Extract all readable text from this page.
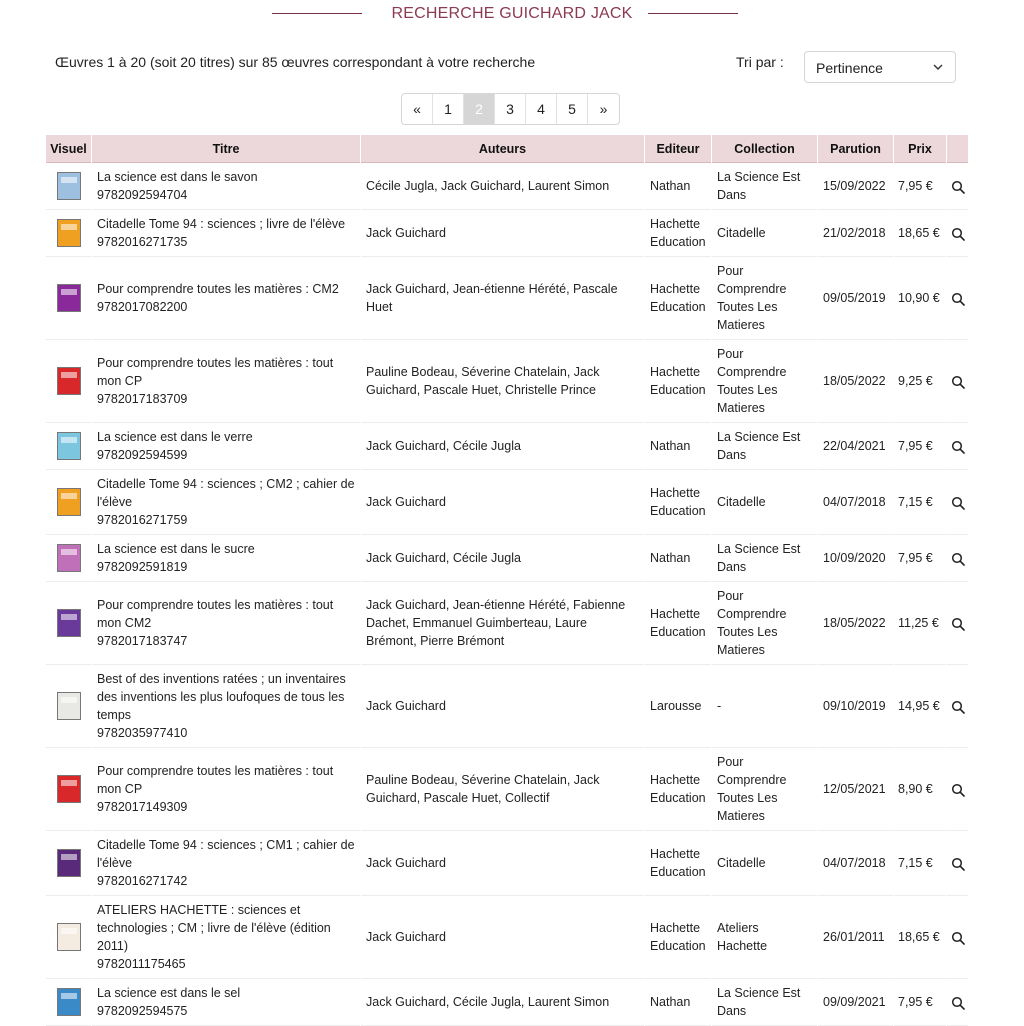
RECHERCHE GUICHARD JACK
Œuvres 1 à 20 (soit 20 titres) sur 85 œuvres correspondant à votre recherche	Tri par : Pertinence
«	1	2	3	4	5	»
Visuel	Titre	Auteurs	Editeur	Collection	Parution	Prix	
	La science est dans le savon
9782092594704	Cécile Jugla, Jack Guichard, Laurent Simon	Nathan	La Science Est Dans	15/09/2022	7,95 €	
	Citadelle Tome 94 : sciences ; livre de l'élève
9782016271735	Jack Guichard	Hachette Education	Citadelle	21/02/2018	18,65 €	
	Pour comprendre toutes les matières : CM2
9782017082200	Jack Guichard, Jean-étienne Hérété, Pascale Huet	Hachette Education	Pour Comprendre Toutes Les Matieres	09/05/2019	10,90 €	
	Pour comprendre toutes les matières : tout mon CP
9782017183709	Pauline Bodeau, Séverine Chatelain, Jack Guichard, Pascale Huet, Christelle Prince	Hachette Education	Pour Comprendre Toutes Les Matieres	18/05/2022	9,25 €	
	La science est dans le verre
9782092594599	Jack Guichard, Cécile Jugla	Nathan	La Science Est Dans	22/04/2021	7,95 €	
	Citadelle Tome 94 : sciences ; CM2 ; cahier de l'élève
9782016271759	Jack Guichard	Hachette Education	Citadelle	04/07/2018	7,15 €	
	La science est dans le sucre
9782092591819	Jack Guichard, Cécile Jugla	Nathan	La Science Est Dans	10/09/2020	7,95 €	
	Pour comprendre toutes les matières : tout mon CM2
9782017183747	Jack Guichard, Jean-étienne Hérété, Fabienne Dachet, Emmanuel Guimberteau, Laure Brémont, Pierre Brémont	Hachette Education	Pour Comprendre Toutes Les Matieres	18/05/2022	11,25 €	
	Best of des inventions ratées ; un inventaires des inventions les plus loufoques de tous les temps
9782035977410	Jack Guichard	Larousse	-	09/10/2019	14,95 €	
	Pour comprendre toutes les matières : tout mon CP
9782017149309	Pauline Bodeau, Séverine Chatelain, Jack Guichard, Pascale Huet, Collectif	Hachette Education	Pour Comprendre Toutes Les Matieres	12/05/2021	8,90 €	
	Citadelle Tome 94 : sciences ; CM1 ; cahier de l'élève
9782016271742	Jack Guichard	Hachette Education	Citadelle	04/07/2018	7,15 €	
	ATELIERS HACHETTE : sciences et technologies ; CM ; livre de l'élève (édition 2011)
9782011175465	Jack Guichard	Hachette Education	Ateliers Hachette	26/01/2011	18,65 €	
	La science est dans le sel
9782092594575	Jack Guichard, Cécile Jugla, Laurent Simon	Nathan	La Science Est Dans	09/09/2021	7,95 €	
